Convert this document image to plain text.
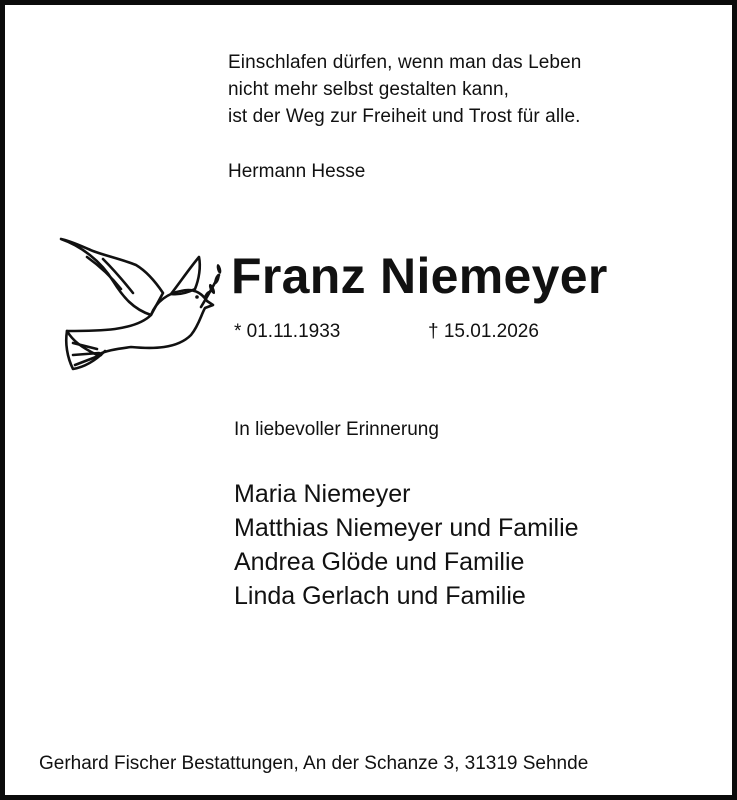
Einschlafen dürfen, wenn man das Leben
nicht mehr selbst gestalten kann,
ist der Weg zur Freiheit und Trost für alle.
Hermann Hesse
Franz Niemeyer
* 01.11.1933	† 15.01.2026
In liebevoller Erinnerung
Maria Niemeyer
Matthias Niemeyer und Familie
Andrea Glöde und Familie
Linda Gerlach und Familie
Gerhard Fischer Bestattungen, An der Schanze 3, 31319 Sehnde
